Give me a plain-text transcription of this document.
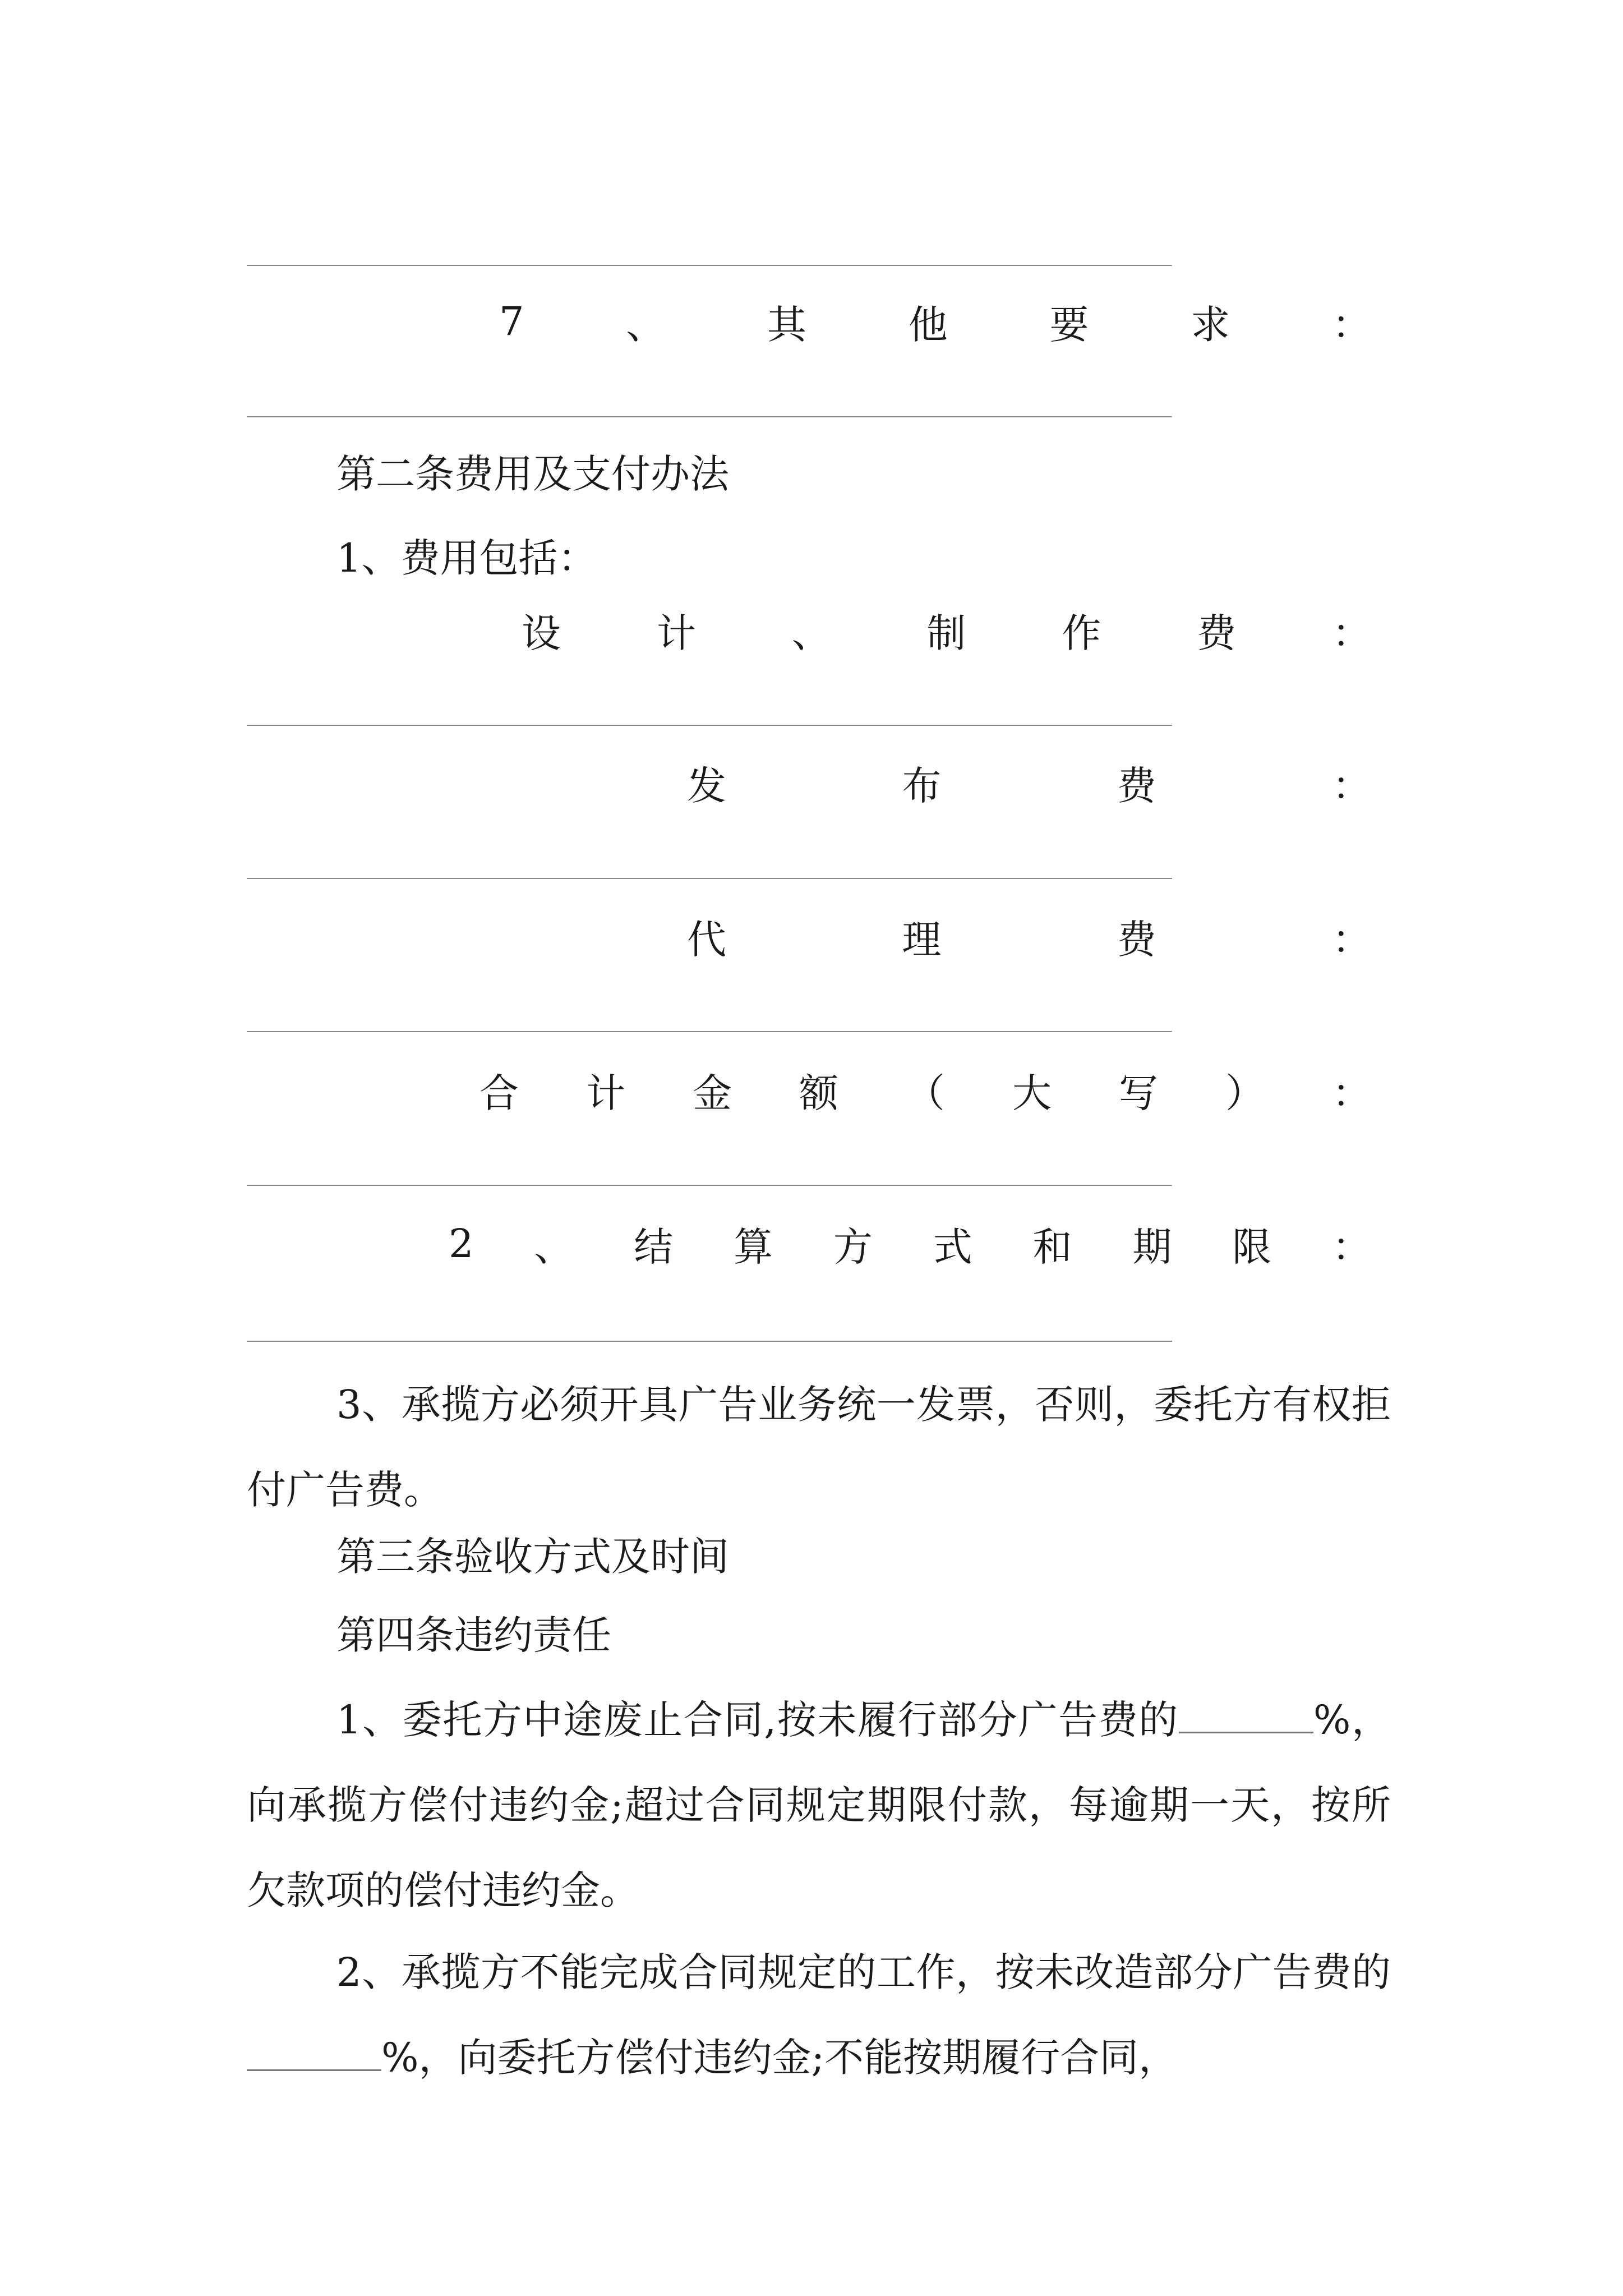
7	、	其	他	要	求	：
第二条费用及支付办法
1、费用包括：
设 计 、 制 作 费 ：
发	布	费	：
代	理	费	：
合 计 金 额 （ 大 写 ） ：
2 、 结 算 方 式 和 期 限 ：
3、承揽方必须开具广告业务统一发票，否则，委托方有权拒付广告费。
第三条验收方式及时间
第四条违约责任
1、委托方中途废止合同,按未履行部分广告费的	%，向承揽方偿付违约金;超过合同规定期限付款，每逾期一天，按所欠款项的偿付违约金。
2、承揽方不能完成合同规定的工作，按未改造部分广告费的%，向委托方偿付违约金;不能按期履行合同，
